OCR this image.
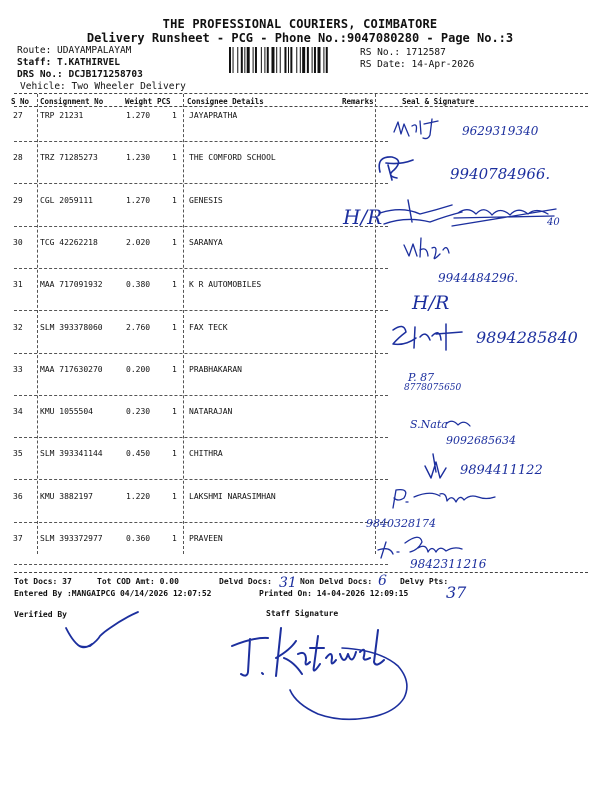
THE PROFESSIONAL COURIERS, COIMBATORE
Delivery Runsheet - PCG - Phone No.:9047080280 - Page No.:3
Route: UDAYAMPALAYAM
Staff: T.KATHIRVEL
DRS No.: DCJB171258703
Vehicle: Two Wheeler Delivery
RS No.: 1712587
RS Date: 14-Apr-2026
S No Consignment No	Weight PCS Consignee Details	Remarks	Seal & Signature
27 TRP 21231	1.270	1 JAYAPRATHA
28 TRZ 71285273	1.230	1 THE COMFORD SCHOOL
29 CGL 2059111	1.270	1 GENESIS
30 TCG 42262218	2.020	1 SARANYA
31 MAA 717091932	0.380	1 K R AUTOMOBILES
32 SLM 393378060	2.760	1 FAX TECK
33 MAA 717630270	0.200	1 PRABHAKARAN
34 KMU 1055504	0.230	1 NATARAJAN
35 SLM 393341144	0.450	1 CHITHRA
36 KMU 3882197	1.220	1 LAKSHMI NARASIMHAN
37 SLM 393372977	0.360	1 PRAVEEN
Tot Docs: 37	Tot COD Amt: 0.00	Delvd Docs:	Non Delvd Docs:	Delvy Pts:
Entered By :MANGAIPCG 04/14/2026 12:07:52	Printed On: 14-04-2026 12:09:15
Verified By	Staff Signature
9629319340
9940784966.
H/R	40
9944484296.
H/R
9894285840
P. 87
8778075650
S.Nata
9092685634
9894411122
9840328174
9842311216
31	6
37
